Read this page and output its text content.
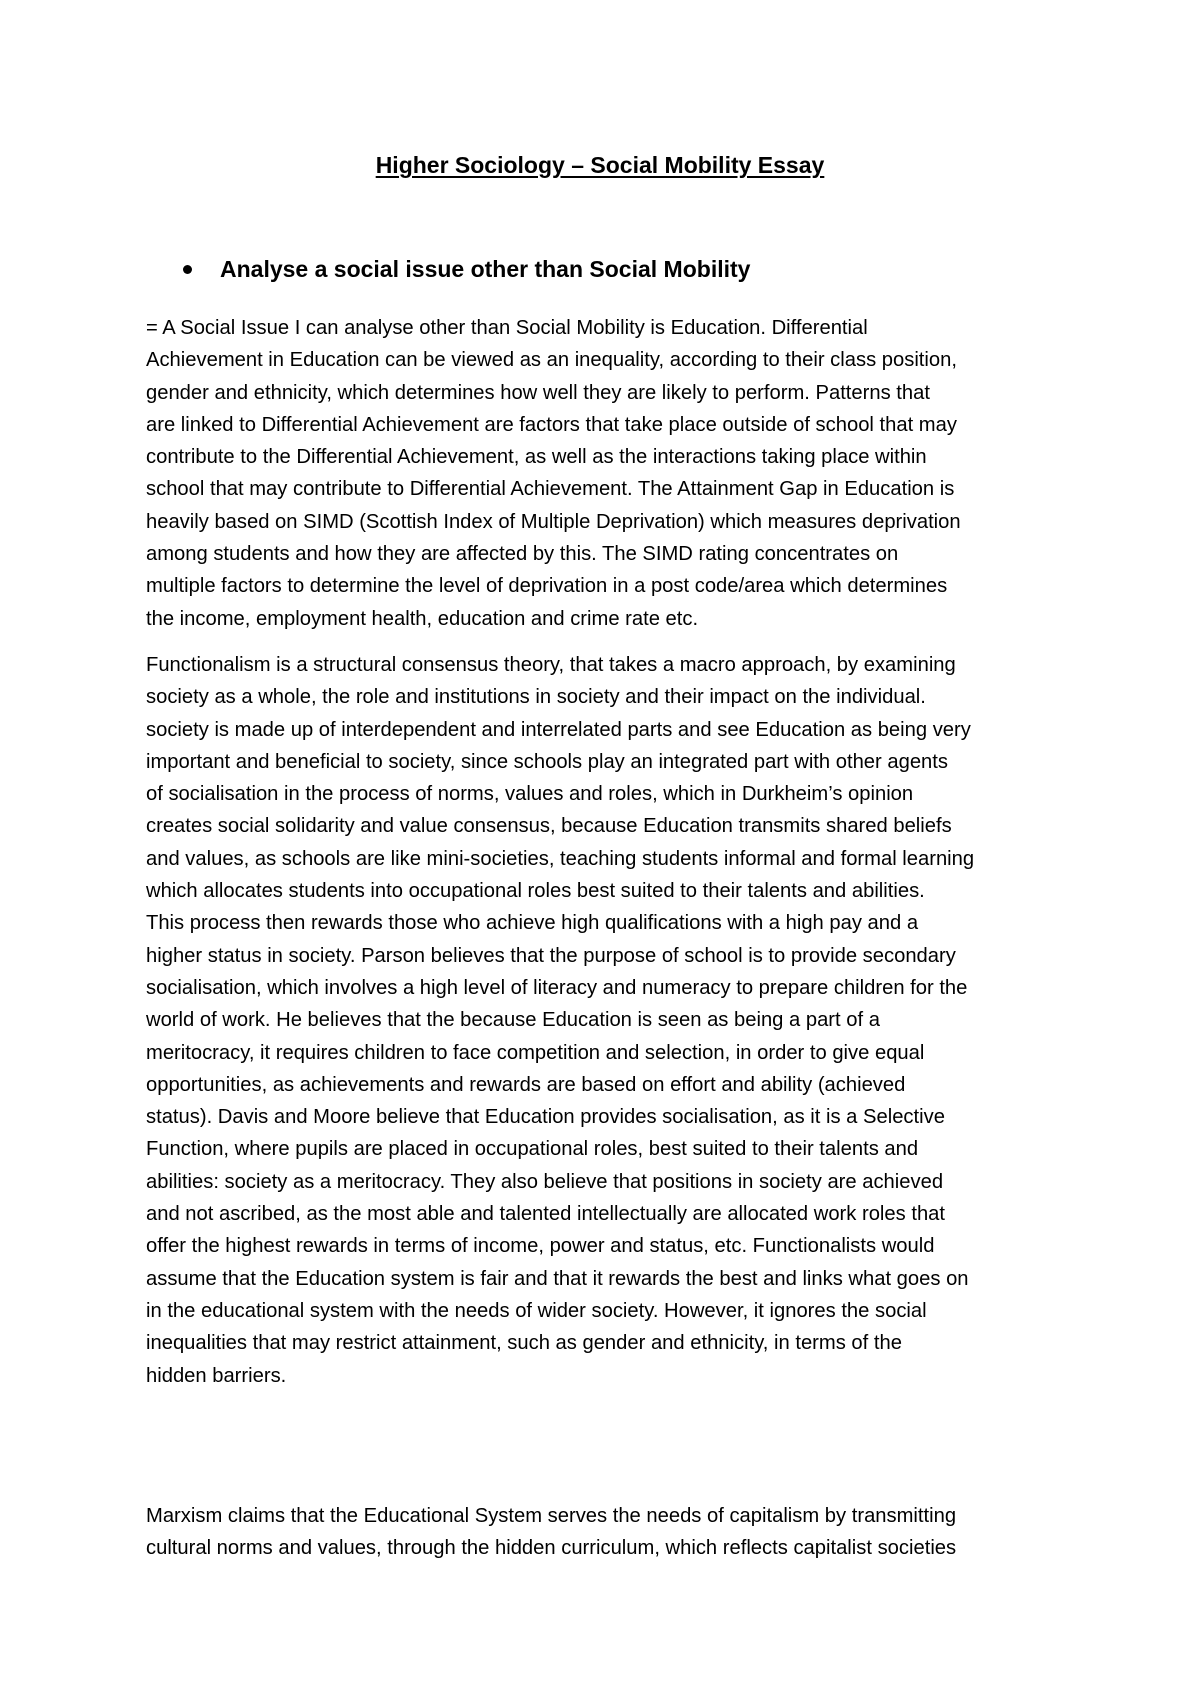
Higher Sociology – Social Mobility Essay
Analyse a social issue other than Social Mobility
= A Social Issue I can analyse other than Social Mobility is Education. Differential
Achievement in Education can be viewed as an inequality, according to their class position,
gender and ethnicity, which determines how well they are likely to perform. Patterns that
are linked to Differential Achievement are factors that take place outside of school that may
contribute to the Differential Achievement, as well as the interactions taking place within
school that may contribute to Differential Achievement. The Attainment Gap in Education is
heavily based on SIMD (Scottish Index of Multiple Deprivation) which measures deprivation
among students and how they are affected by this. The SIMD rating concentrates on
multiple factors to determine the level of deprivation in a post code/area which determines
the income, employment health, education and crime rate etc.
Functionalism is a structural consensus theory, that takes a macro approach, by examining
society as a whole, the role and institutions in society and their impact on the individual.
society is made up of interdependent and interrelated parts and see Education as being very
important and beneficial to society, since schools play an integrated part with other agents
of socialisation in the process of norms, values and roles, which in Durkheim’s opinion
creates social solidarity and value consensus, because Education transmits shared beliefs
and values, as schools are like mini-societies, teaching students informal and formal learning
which allocates students into occupational roles best suited to their talents and abilities.
This process then rewards those who achieve high qualifications with a high pay and a
higher status in society. Parson believes that the purpose of school is to provide secondary
socialisation, which involves a high level of literacy and numeracy to prepare children for the
world of work. He believes that the because Education is seen as being a part of a
meritocracy, it requires children to face competition and selection, in order to give equal
opportunities, as achievements and rewards are based on effort and ability (achieved
status). Davis and Moore believe that Education provides socialisation, as it is a Selective
Function, where pupils are placed in occupational roles, best suited to their talents and
abilities: society as a meritocracy. They also believe that positions in society are achieved
and not ascribed, as the most able and talented intellectually are allocated work roles that
offer the highest rewards in terms of income, power and status, etc. Functionalists would
assume that the Education system is fair and that it rewards the best and links what goes on
in the educational system with the needs of wider society. However, it ignores the social
inequalities that may restrict attainment, such as gender and ethnicity, in terms of the
hidden barriers.
Marxism claims that the Educational System serves the needs of capitalism by transmitting
cultural norms and values, through the hidden curriculum, which reflects capitalist societies
